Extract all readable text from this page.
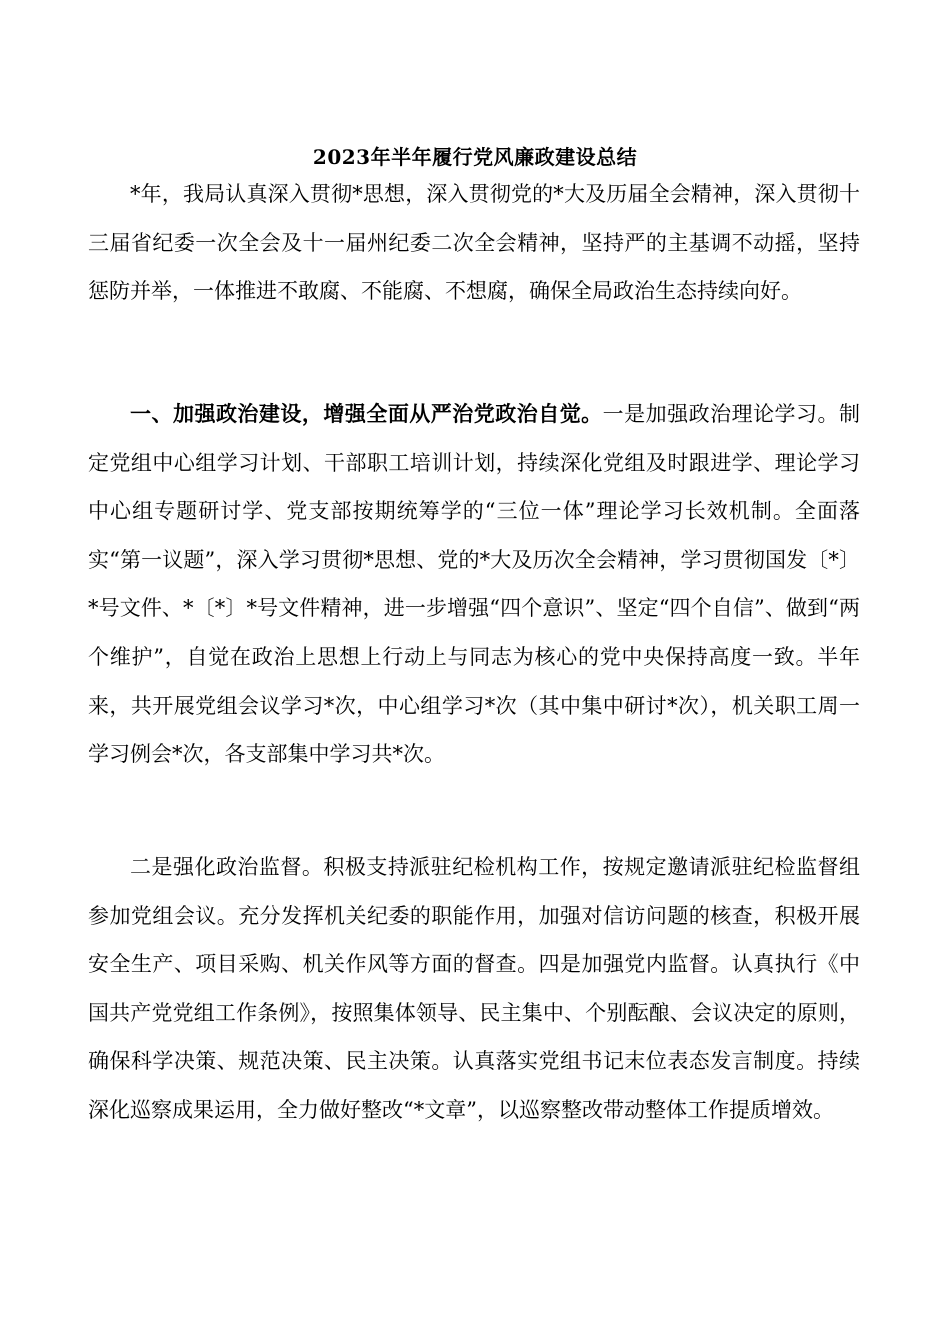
2023年半年履行党风廉政建设总结

*年，我局认真深入贯彻*思想，深入贯彻党的*大及历届全会精神，深入贯彻十三届省纪委一次全会及十一届州纪委二次全会精神，坚持严的主基调不动摇，坚持惩防并举，一体推进不敢腐、不能腐、不想腐，确保全局政治生态持续向好。

一、加强政治建设，增强全面从严治党政治自觉。一是加强政治理论学习。制定党组中心组学习计划、干部职工培训计划，持续深化党组及时跟进学、理论学习中心组专题研讨学、党支部按期统筹学的“三位一体”理论学习长效机制。全面落实“第一议题”，深入学习贯彻*思想、党的*大及历次全会精神，学习贯彻国发〔*〕*号文件、*〔*〕*号文件精神，进一步增强“四个意识”、坚定“四个自信”、做到“两个维护”，自觉在政治上思想上行动上与同志为核心的党中央保持高度一致。半年来，共开展党组会议学习*次，中心组学习*次（其中集中研讨*次），机关职工周一学习例会*次，各支部集中学习共*次。

二是强化政治监督。积极支持派驻纪检机构工作，按规定邀请派驻纪检监督组参加党组会议。充分发挥机关纪委的职能作用，加强对信访问题的核查，积极开展安全生产、项目采购、机关作风等方面的督查。四是加强党内监督。认真执行《中国共产党党组工作条例》，按照集体领导、民主集中、个别酝酿、会议决定的原则，确保科学决策、规范决策、民主决策。认真落实党组书记末位表态发言制度。持续深化巡察成果运用，全力做好整改“*文章”，以巡察整改带动整体工作提质增效。
